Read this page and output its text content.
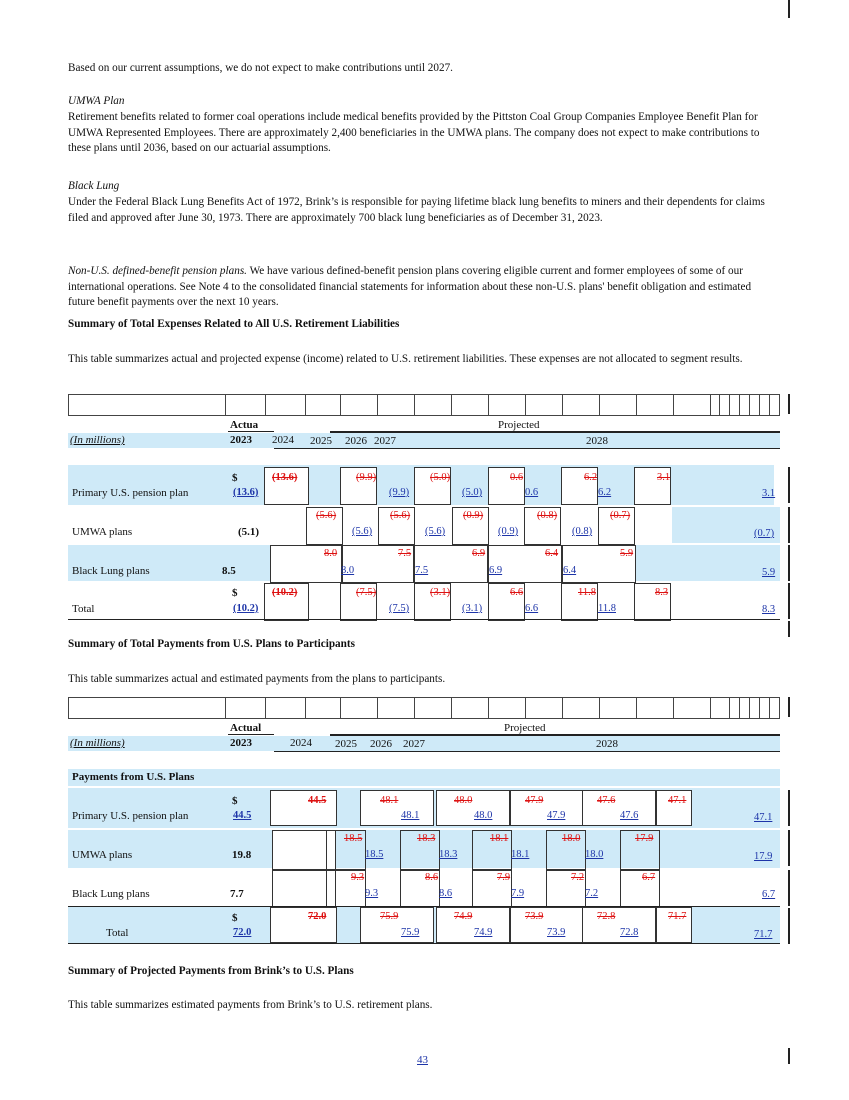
Based on our current assumptions, we do not expect to make contributions until 2027.

UMWA Plan

Retirement benefits related to former coal operations include medical benefits provided by the Pittston Coal Group Companies Employee Benefit Plan for UMWA Represented Employees. There are approximately 2,400 beneficiaries in the UMWA plans. The company does not expect to make contributions to these plans until 2036, based on our actuarial assumptions.

Black Lung

Under the Federal Black Lung Benefits Act of 1972, Brink’s is responsible for paying lifetime black lung benefits to miners and their dependents for claims filed and approved after June 30, 1973. There are approximately 700 black lung beneficiaries as of December 31, 2023.

Non-U.S. defined-benefit pension plans. We have various defined-benefit pension plans covering eligible current and former employees of some of our international operations. See Note 4 to the consolidated financial statements for information about these non-U.S. plans' benefit obligation and estimated future benefit payments over the next 10 years.

Summary of Total Expenses Related to All U.S. Retirement Liabilities

This table summarizes actual and projected expense (income) related to U.S. retirement liabilities. These expenses are not allocated to segment results.

Actua	Projected
(In millions)	2023 2024 2025 2026 2027	2028
Primary U.S. pension plan
$
(13.6)
(13.6)	(9.9)	(5.0)	0.6	6.2	3.1
(9.9)	(5.0)	0.6	6.2	3.1
UMWA plans	(5.1)
(5.6)	(5.6)	(0.9)	(0.8)	(0.7)
(5.6)	(5.6)	(0.9)	(0.8)	(0.7)
Black Lung plans	8.5
8.0	7.5	6.9	6.4	5.9
8.0	7.5	6.9	6.4	5.9
Total
$
(10.2)
(10.2)	(7.5)	(3.1)	6.6	11.8	8.3
(7.5)	(3.1)	6.6	11.8	8.3

Summary of Total Payments from U.S. Plans to Participants

This table summarizes actual and estimated payments from the plans to participants.

Actual	Projected
(In millions)	2023	2024 2025 2026 2027	2028
Payments from U.S. Plans
Primary U.S. pension plan
$
44.5
44.5	48.1	48.0	47.9	47.6	47.1
48.1	48.0	47.9	47.6	47.1
UMWA plans	19.8
18.5	18.3	18.1	18.0	17.9
18.5	18.3	18.1	18.0	17.9
Black Lung plans	7.7
9.3	8.6	7.9	7.2	6.7
9.3	8.6	7.9	7.2	6.7
Total
$
72.0
72.0	75.9	74.9	73.9	72.8	71.7
75.9	74.9	73.9	72.8	71.7

Summary of Projected Payments from Brink’s to U.S. Plans

This table summarizes estimated payments from Brink’s to U.S. retirement plans.

43
